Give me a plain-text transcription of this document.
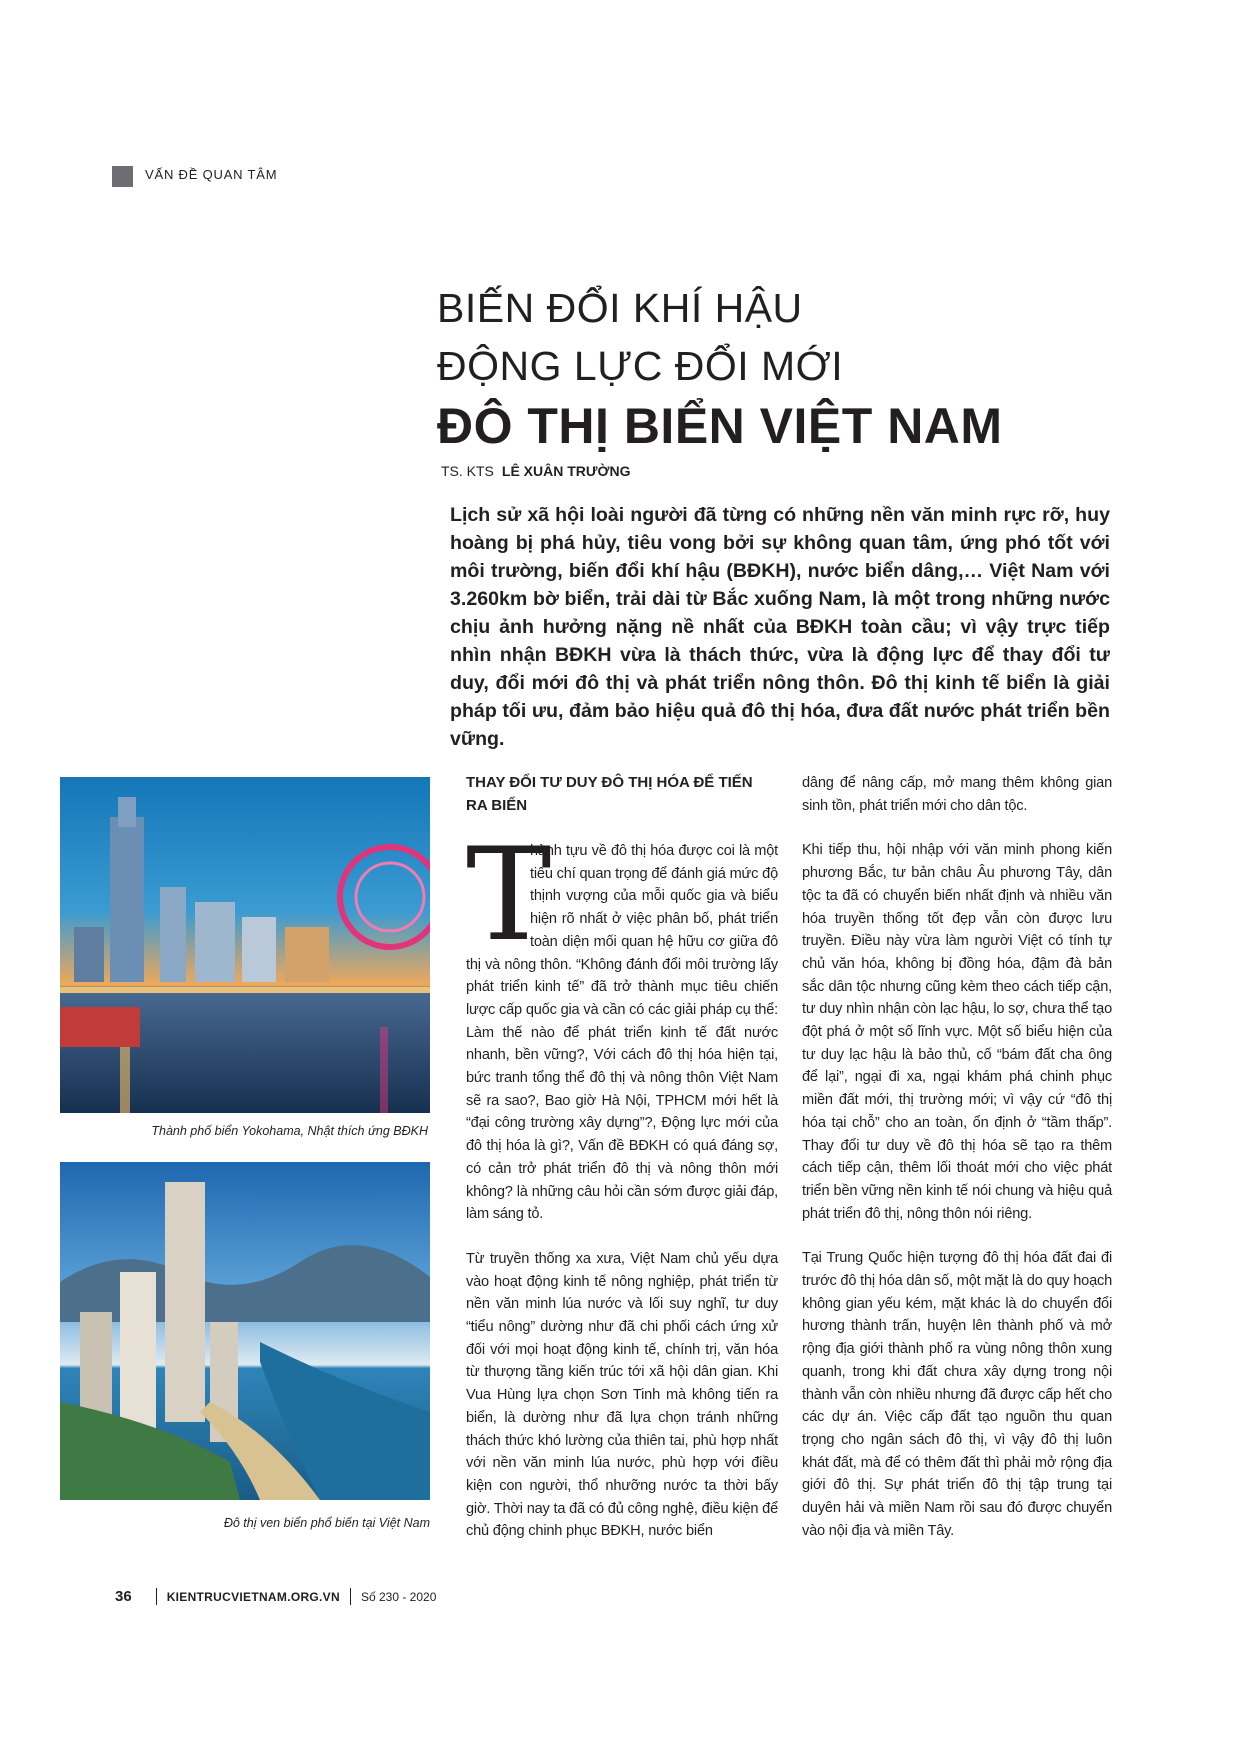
VẤN ĐỀ QUAN TÂM
BIẾN ĐỔI KHÍ HẬU
ĐỘNG LỰC ĐỔI MỚI
ĐÔ THỊ BIỂN VIỆT NAM
TS. KTS LÊ XUÂN TRƯỜNG
Lịch sử xã hội loài người đã từng có những nền văn minh rực rỡ, huy hoàng bị phá hủy, tiêu vong bởi sự không quan tâm, ứng phó tốt với môi trường, biến đổi khí hậu (BĐKH), nước biển dâng,… Việt Nam với 3.260km bờ biển, trải dài từ Bắc xuống Nam, là một trong những nước chịu ảnh hưởng nặng nề nhất của BĐKH toàn cầu; vì vậy trực tiếp nhìn nhận BĐKH vừa là thách thức, vừa là động lực để thay đổi tư duy, đổi mới đô thị và phát triển nông thôn. Đô thị kinh tế biển là giải pháp tối ưu, đảm bảo hiệu quả đô thị hóa, đưa đất nước phát triển bền vững.
Thành phố biển Yokohama, Nhật thích ứng BĐKH
Đô thị ven biển phổ biến tại Việt Nam
THAY ĐỔI TƯ DUY ĐÔ THỊ HÓA ĐỂ TIẾN RA BIỂN
T

hành tựu về đô thị hóa được coi là một tiêu chí quan trọng để đánh giá mức độ thịnh vượng của mỗi quốc gia và biểu hiện rõ nhất ở việc phân bố, phát triển toàn diện mối quan hệ hữu cơ giữa đô thị và nông thôn. “Không đánh đổi môi trường lấy phát triển kinh tế” đã trở thành mục tiêu chiến lược cấp quốc gia và cần có các giải pháp cụ thể: Làm thế nào để phát triển kinh tế đất nước nhanh, bền vững?, Với cách đô thị hóa hiện tại, bức tranh tổng thể đô thị và nông thôn Việt Nam sẽ ra sao?, Bao giờ Hà Nội, TPHCM mới hết là “đại công trường xây dựng”?, Động lực mới của đô thị hóa là gì?, Vấn đề BĐKH có quá đáng sợ, có cản trở phát triển đô thị và nông thôn mới không? là những câu hỏi cần sớm được giải đáp, làm sáng tỏ.

Từ truyền thống xa xưa, Việt Nam chủ yếu dựa vào hoạt động kinh tế nông nghiệp, phát triển từ nền văn minh lúa nước và lối suy nghĩ, tư duy “tiểu nông” dường như đã chi phối cách ứng xử đối với mọi hoạt động kinh tế, chính trị, văn hóa từ thượng tầng kiến trúc tới xã hội dân gian. Khi Vua Hùng lựa chọn Sơn Tinh mà không tiến ra biển, là dường như đã lựa chọn tránh những thách thức khó lường của thiên tai, phù hợp nhất với nền văn minh lúa nước, phù hợp với điều kiện con người, thổ nhưỡng nước ta thời bấy giờ. Thời nay ta đã có đủ công nghệ, điều kiện để chủ động chinh phục BĐKH, nước biển

dâng để nâng cấp, mở mang thêm không gian sinh tồn, phát triển mới cho dân tộc.

Khi tiếp thu, hội nhập với văn minh phong kiến phương Bắc, tư bản châu Âu phương Tây, dân tộc ta đã có chuyển biến nhất định và nhiều văn hóa truyền thống tốt đẹp vẫn còn được lưu truyền. Điều này vừa làm người Việt có tính tự chủ văn hóa, không bị đồng hóa, đậm đà bản sắc dân tộc nhưng cũng kèm theo cách tiếp cận, tư duy nhìn nhận còn lạc hậu, lo sợ, chưa thể tạo đột phá ở một số lĩnh vực. Một số biểu hiện của tư duy lạc hậu là bảo thủ, cố “bám đất cha ông để lại”, ngại đi xa, ngại khám phá chinh phục miền đất mới, thị trường mới; vì vậy cứ “đô thị hóa tại chỗ” cho an toàn, ổn định ở “tầm thấp”. Thay đổi tư duy về đô thị hóa sẽ tạo ra thêm cách tiếp cận, thêm lối thoát mới cho việc phát triển bền vững nền kinh tế nói chung và hiệu quả phát triển đô thị, nông thôn nói riêng.

Tại Trung Quốc hiện tượng đô thị hóa đất đai đi trước đô thị hóa dân số, một mặt là do quy hoạch không gian yếu kém, mặt khác là do chuyển đổi hương thành trấn, huyện lên thành phố và mở rộng địa giới thành phố ra vùng nông thôn xung quanh, trong khi đất chưa xây dựng trong nội thành vẫn còn nhiều nhưng đã được cấp hết cho các dự án. Việc cấp đất tạo nguồn thu quan trọng cho ngân sách đô thị, vì vậy đô thị luôn khát đất, mà để có thêm đất thì phải mở rộng địa giới đô thị. Sự phát triển đô thị tập trung tại duyên hải và miền Nam rồi sau đó được chuyển vào nội địa và miền Tây.

36	KIENTRUCVIETNAM.ORG.VN Số 230 - 2020
